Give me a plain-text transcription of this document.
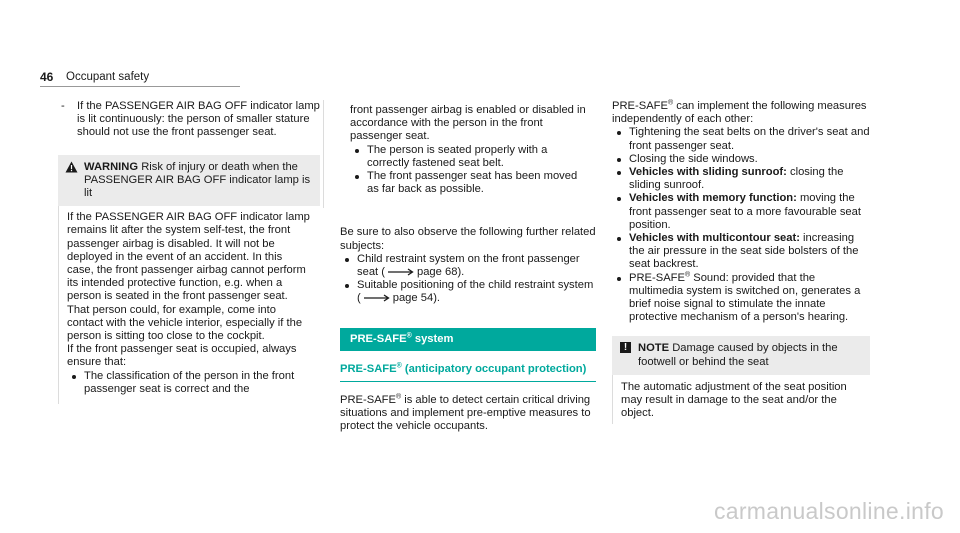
46 Occupant safety
- If the PASSENGER AIR BAG OFF indicator lamp is lit continuously: the person of smaller stature should not use the front passenger seat.

WARNING Risk of injury or death when the PASSENGER AIR BAG OFF indicator lamp is lit

If the PASSENGER AIR BAG OFF indicator lamp remains lit after the system self-test, the front passenger airbag is disabled. It will not be deployed in the event of an accident. In this case, the front passenger airbag cannot perform its intended protective function, e.g. when a person is seated in the front passenger seat.

That person could, for example, come into contact with the vehicle interior, especially if the person is sitting too close to the cockpit.

If the front passenger seat is occupied, always ensure that:

The classification of the person in the front passenger seat is correct and the

front passenger airbag is enabled or disabled in accordance with the person in the front passenger seat.

The person is seated properly with a correctly fastened seat belt.
The front passenger seat has been moved as far back as possible.

Be sure to also observe the following further related subjects:

Child restraint system on the front passenger seat (	page 68).
Suitable positioning of the child restraint system (	page 54).
PRE-SAFE® system
PRE-SAFE® (anticipatory occupant protection)

PRE-SAFE® is able to detect certain critical driving situations and implement pre-emptive measures to protect the vehicle occupants.

PRE-SAFE® can implement the following measures independently of each other:

Tightening the seat belts on the driver's seat and front passenger seat.
Closing the side windows.
Vehicles with sliding sunroof: closing the sliding sunroof.
Vehicles with memory function: moving the front passenger seat to a more favourable seat position.
Vehicles with multicontour seat: increasing the air pressure in the seat side bolsters of the seat backrest.
PRE-SAFE® Sound: provided that the multimedia system is switched on, generates a brief noise signal to stimulate the innate protective mechanism of a person's hearing.
! NOTE Damage caused by objects in the footwell or behind the seat

The automatic adjustment of the seat position may result in damage to the seat and/or the object.

carmanualsonline.info
